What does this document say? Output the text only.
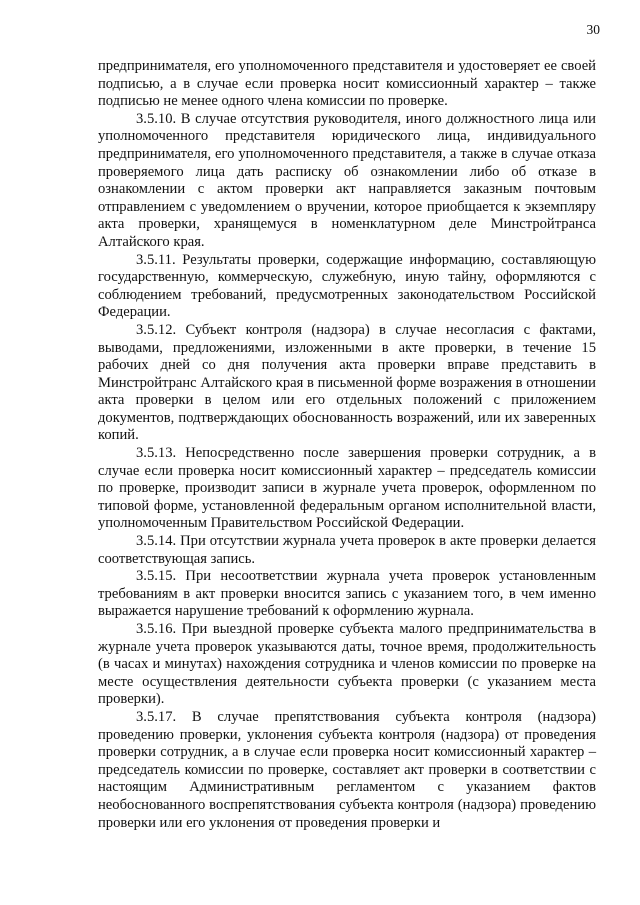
30

предпринимателя, его уполномоченного представителя и удостоверяет ее своей подписью, а в случае если проверка носит комиссионный характер – также подписью не менее одного члена комиссии по проверке.

3.5.10. В случае отсутствия руководителя, иного должностного лица или уполномоченного представителя юридического лица, индивидуального предпринимателя, его уполномоченного представителя, а также в случае отказа проверяемого лица дать расписку об ознакомлении либо об отказе в ознакомлении с актом проверки акт направляется заказным почтовым отправлением с уведомлением о вручении, которое приобщается к экземпляру акта проверки, хранящемуся в номенклатурном деле Минстройтранса Алтайского края.

3.5.11. Результаты проверки, содержащие информацию, составляющую государственную, коммерческую, служебную, иную тайну, оформляются с соблюдением требований, предусмотренных законодательством Российской Федерации.

3.5.12. Субъект контроля (надзора) в случае несогласия с фактами, выводами, предложениями, изложенными в акте проверки, в течение 15 рабочих дней со дня получения акта проверки вправе представить в Минстройтранс Алтайского края в письменной форме возражения в отношении акта проверки в целом или его отдельных положений с приложением документов, подтверждающих обоснованность возражений, или их заверенных копий.

3.5.13. Непосредственно после завершения проверки сотрудник, а в случае если проверка носит комиссионный характер – председатель комиссии по проверке, производит записи в журнале учета проверок, оформленном по типовой форме, установленной федеральным органом исполнительной власти, уполномоченным Правительством Российской Федерации.

3.5.14. При отсутствии журнала учета проверок в акте проверки делается соответствующая запись.

3.5.15. При несоответствии журнала учета проверок установленным требованиям в акт проверки вносится запись с указанием того, в чем именно выражается нарушение требований к оформлению журнала.

3.5.16. При выездной проверке субъекта малого предпринимательства в журнале учета проверок указываются даты, точное время, продолжительность (в часах и минутах) нахождения сотрудника и членов комиссии по проверке на месте осуществления деятельности субъекта проверки (с указанием места проверки).

3.5.17. В случае препятствования субъекта контроля (надзора) проведению проверки, уклонения субъекта контроля (надзора) от проведения проверки сотрудник, а в случае если проверка носит комиссионный характер – председатель комиссии по проверке, составляет акт проверки в соответствии с настоящим Административным регламентом с указанием фактов необоснованного воспрепятствования субъекта контроля (надзора) проведению проверки или его уклонения от проведения проверки и
